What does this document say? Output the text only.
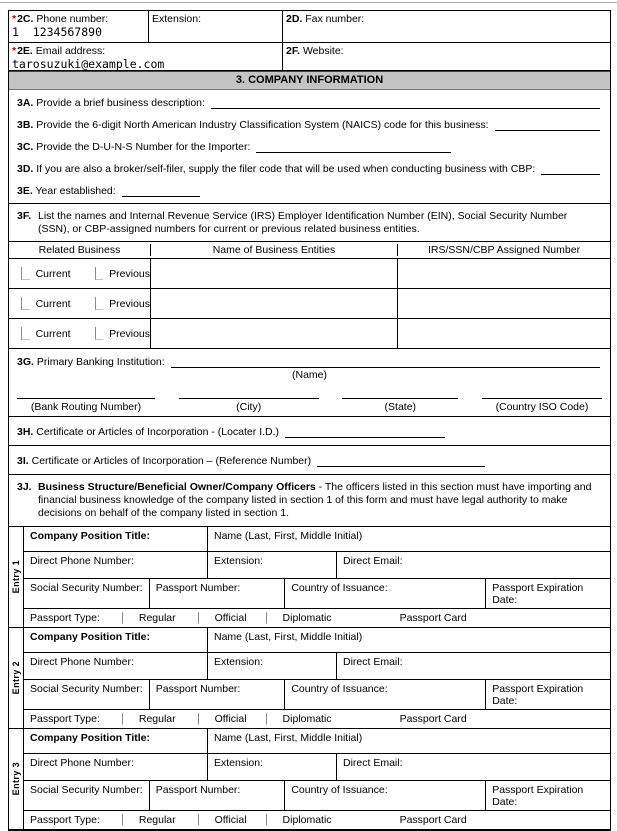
*2C. Phone number:
1  1234567890
Extension:	2D. Fax number:
*2E. Email address:
tarosuzuki@example.com
2F. Website:
3. COMPANY INFORMATION
3A. Provide a brief business description:
3B. Provide the 6-digit North American Industry Classification System (NAICS) code for this business:
3C. Provide the D-U-N-S Number for the Importer:
3D. If you are also a broker/self-filer, supply the filer code that will be used when conducting business with CBP:
3E. Year established:
3F. List the names and Internal Revenue Service (IRS) Employer Identification Number (EIN), Social Security Number (SSN), or CBP-assigned numbers for current or previous related business entities.
Related Business	Name of Business Entities	IRS/SSN/CBP Assigned Number
Current	Previous
Current	Previous
Current	Previous
3G. Primary Banking Institution:
(Name)
(Bank Routing Number)	(City)	(State)	(Country ISO Code)
3H. Certificate or Articles of Incorporation - (Locater I.D.)
3I. Certificate or Articles of Incorporation – (Reference Number)
3J. Business Structure/Beneficial Owner/Company Officers - The officers listed in this section must have importing and financial business knowledge of the company listed in section 1 of this form and must have legal authority to make decisions on behalf of the company listed in section 1.
Entry 1
Company Position Title:	Name (Last, First, Middle Initial)
Direct Phone Number:	Extension:	Direct Email:
Social Security Number:	Passport Number:	Country of Issuance:	Passport Expiration Date:
Passport Type:	Regular	Official	Diplomatic	Passport Card
Entry 2
Company Position Title:	Name (Last, First, Middle Initial)
Direct Phone Number:	Extension:	Direct Email:
Social Security Number:	Passport Number:	Country of Issuance:	Passport Expiration Date:
Passport Type:	Regular	Official	Diplomatic	Passport Card
Entry 3
Company Position Title:	Name (Last, First, Middle Initial)
Direct Phone Number:	Extension:	Direct Email:
Social Security Number:	Passport Number:	Country of Issuance:	Passport Expiration Date:
Passport Type:	Regular	Official	Diplomatic	Passport Card
